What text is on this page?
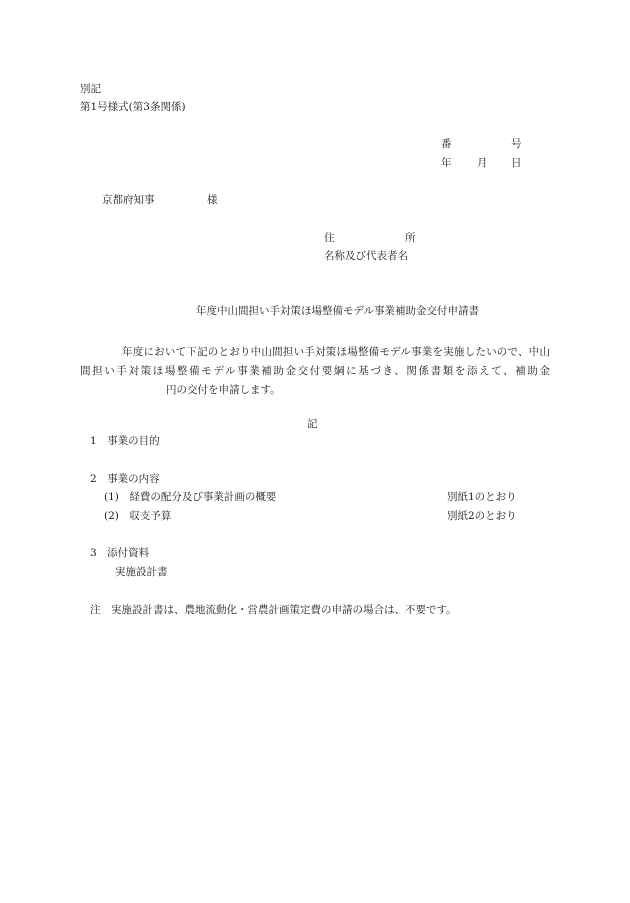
別記
第1号様式(第3条関係)
番	号
年 月 日
京都府知事	様
住	所
名称及び代表者名
年度中山間担い手対策ほ場整備モデル事業補助金交付申請書
年度において下記のとおり中山間担い手対策ほ場整備モデル事業を実施したいので、中山間担い手対策ほ場整備モデル事業補助金交付要綱に基づき、関係書類を添えて、補助金円の交付を申請します。
記
1　事業の目的
2　事業の内容
(1)　経費の配分及び事業計画の概要	別紙1のとおり
(2)　収支予算	別紙2のとおり
3　添付資料
実施設計書
注　実施設計書は、農地流動化・営農計画策定費の申請の場合は、不要です。
